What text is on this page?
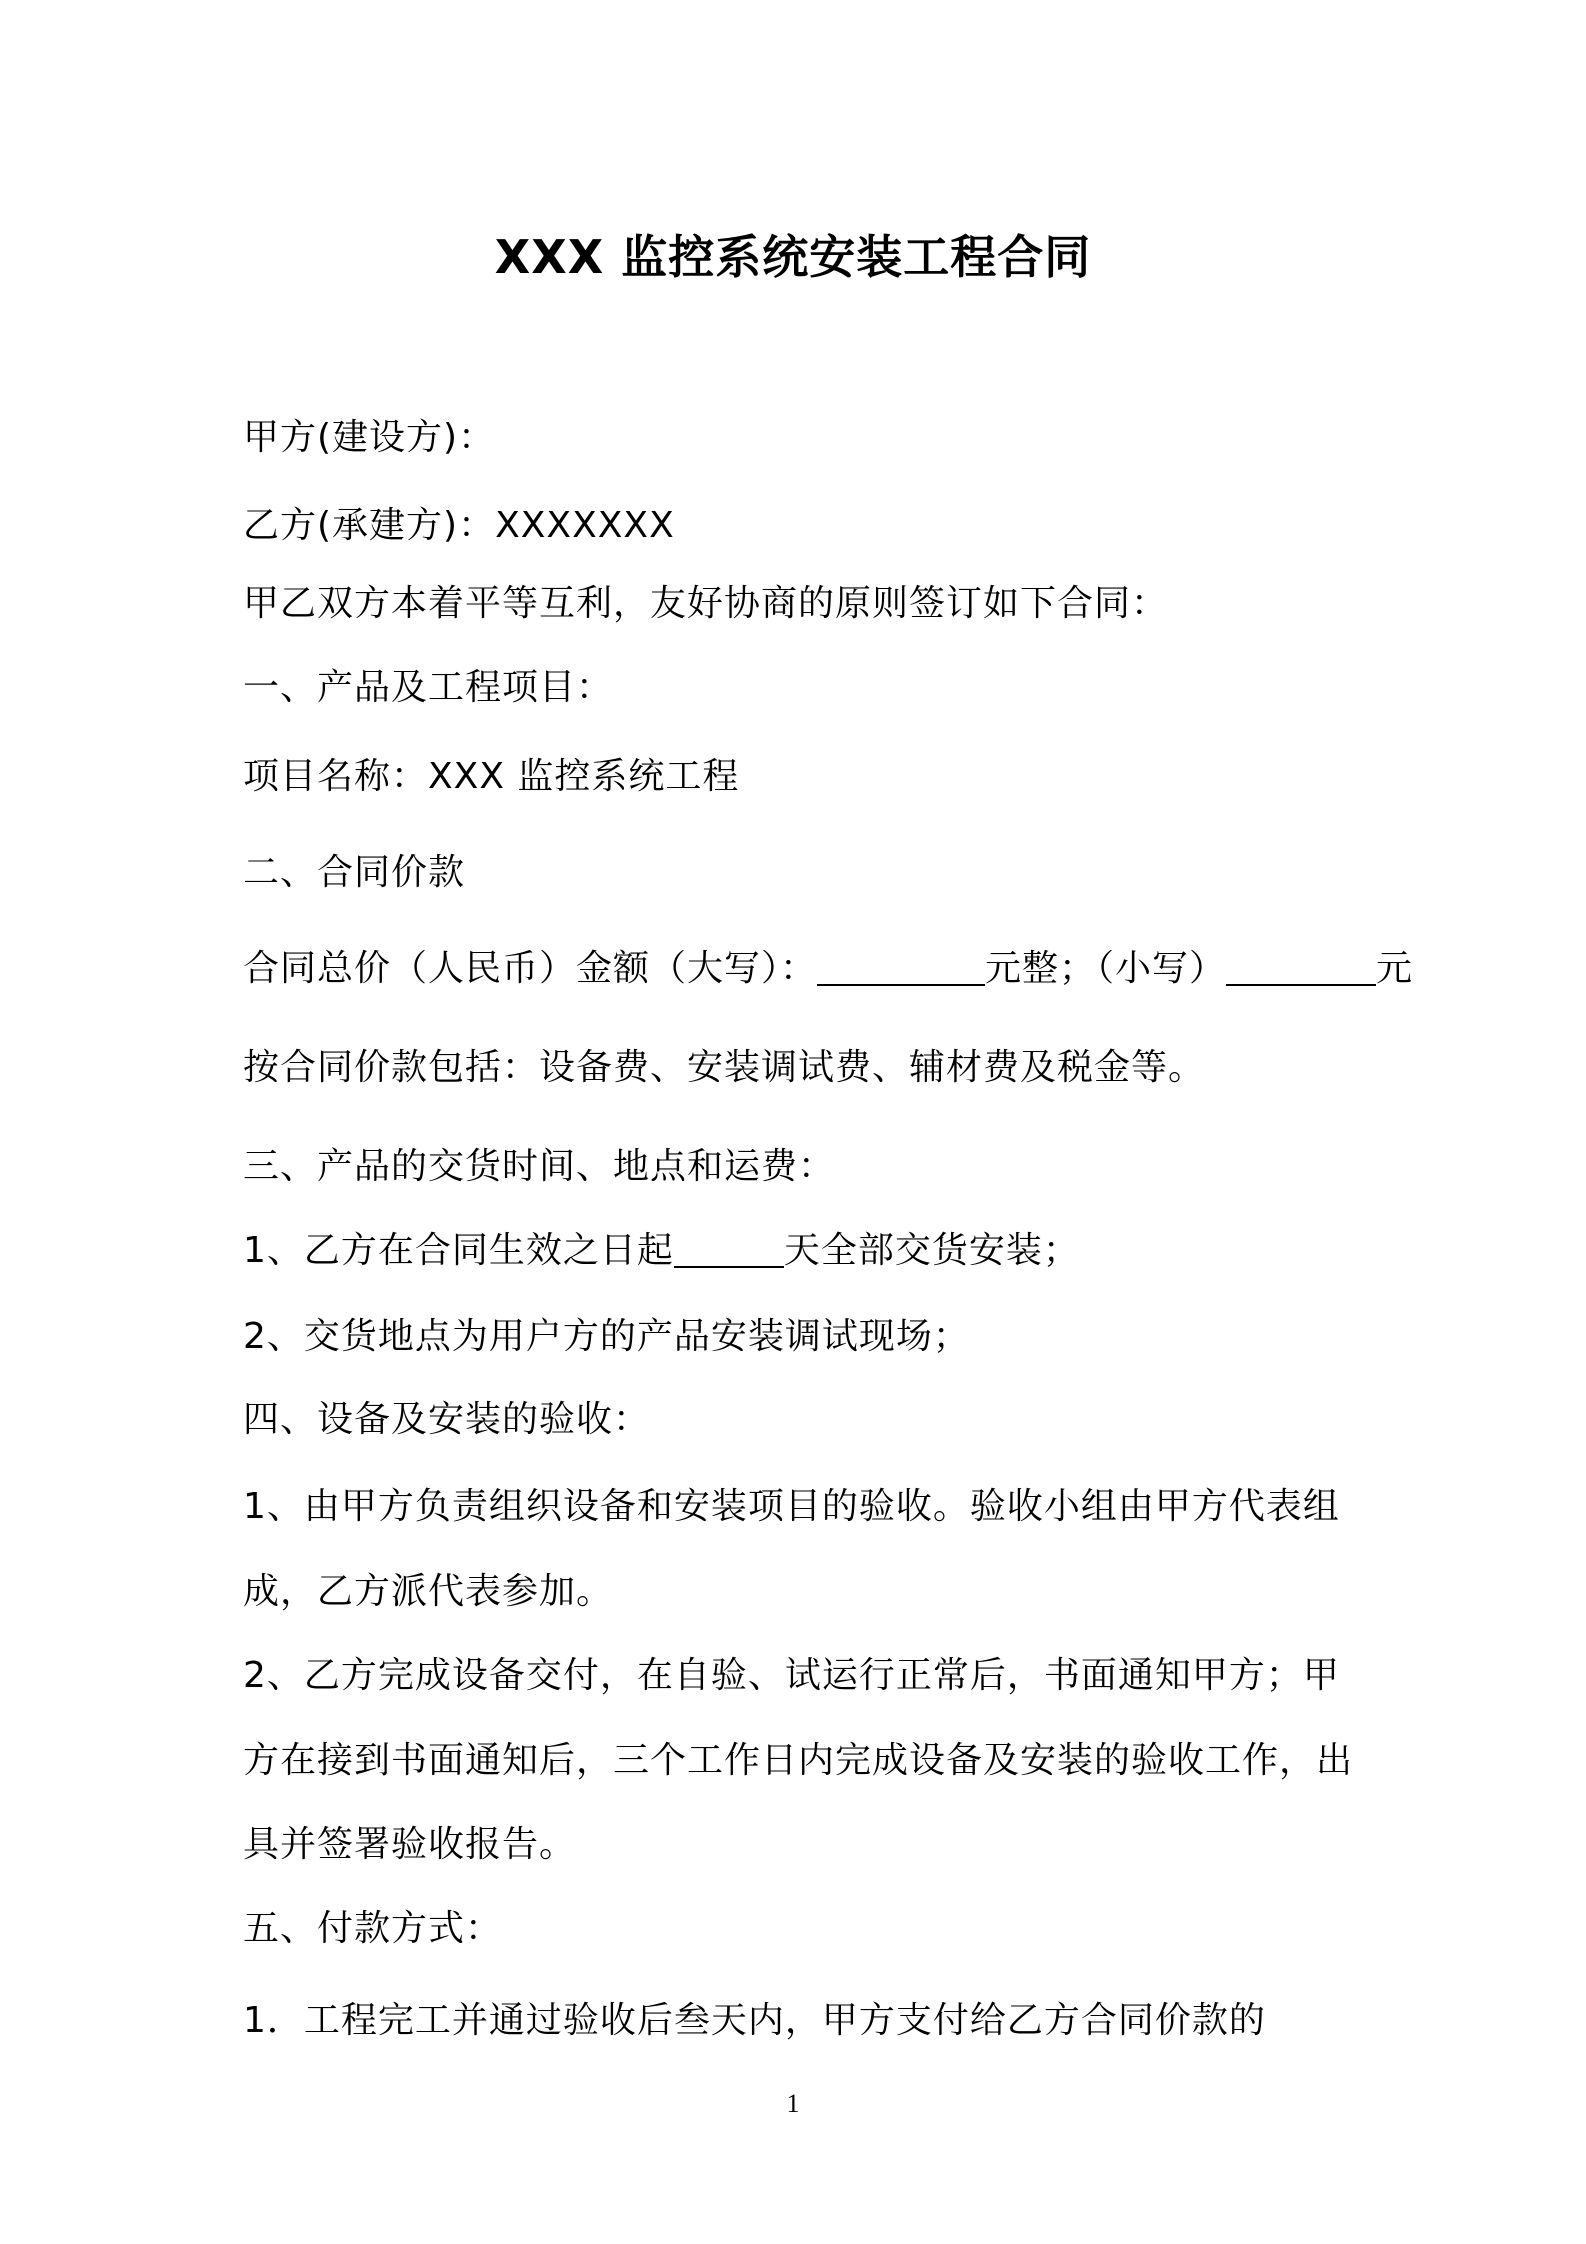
XXX 监控系统安装工程合同
甲方(建设方)：
乙方(承建方)：XXXXXXX
甲乙双方本着平等互利，友好协商的原则签订如下合同：
一、产品及工程项目：
项目名称：XXX 监控系统工程
二、合同价款
合同总价（人民币）金额（大写）：	元整；（小写）	元
按合同价款包括：设备费、安装调试费、辅材费及税金等。
三、产品的交货时间、地点和运费：
1、乙方在合同生效之日起	天全部交货安装；
2、交货地点为用户方的产品安装调试现场；
四、设备及安装的验收：
1、由甲方负责组织设备和安装项目的验收。验收小组由甲方代表组
成，乙方派代表参加。
2、乙方完成设备交付，在自验、试运行正常后，书面通知甲方；甲
方在接到书面通知后，三个工作日内完成设备及安装的验收工作，出
具并签署验收报告。
五、付款方式：
1．工程完工并通过验收后叁天内，甲方支付给乙方合同价款的
1
